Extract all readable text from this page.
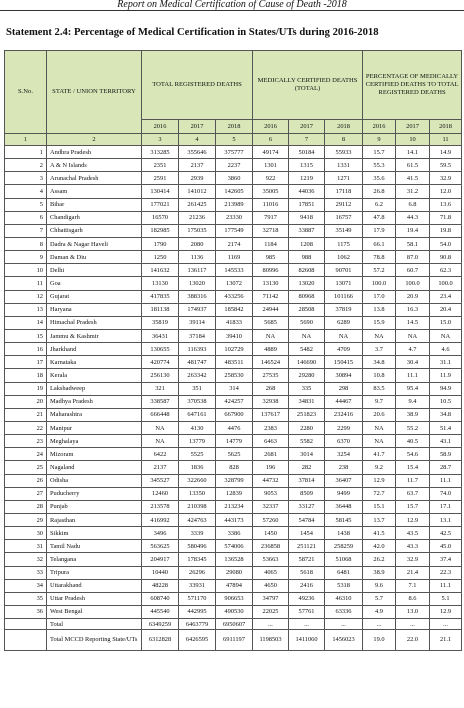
Report on Medical Certification of Cause of Death -2018
Statement 2.4: Percentage of Medical Certification in States/UTs during 2016-2018
S.No.	STATE / UNION TERRITORY	TOTAL REGISTERED DEATHS			MEDICALLY CERTIFIED DEATHS (TOTAL)			PERCENTAGE OF MEDICALLY CERTIFIED DEATHS TO TOTAL REGISTERED DEATHS		
		2016	2017	2018	2016	2017	2018	2016	2017	2018
1	2	3	4	5	6	7	8	9	10	11
1	Andhra Pradesh	313285	355646	375777	49174	50184	55933	15.7	14.1	14.9
2	A & N Islands	2351	2137	2237	1301	1315	1331	55.3	61.5	59.5
3	Arunachal Pradesh	2591	2939	3860	922	1219	1271	35.6	41.5	32.9
4	Assam	130414	141012	142605	35005	44036	17118	26.8	31.2	12.0
5	Bihar	177021	261425	213989	11016	17851	29112	6.2	6.8	13.6
6	Chandigarh	16570	21236	23330	7917	9418	16757	47.8	44.3	71.8
7	Chhattisgarh	182985	175035	177549	32718	33887	35149	17.9	19.4	19.8
8	Dadra & Nagar Haveli	1790	2080	2174	1184	1208	1175	66.1	58.1	54.0
9	Daman & Diu	1250	1136	1169	985	988	1062	78.8	87.0	90.8
10	Delhi	141632	136117	145533	80996	82608	90701	57.2	60.7	62.3
11	Goa	13130	13020	13072	13130	13020	13071	100.0	100.0	100.0
12	Gujarat	417835	388316	433256	71142	80968	101166	17.0	20.9	23.4
13	Haryana	181138	174937	185842	24944	28508	37819	13.8	16.3	20.4
14	Himachal Pradesh	35819	39114	41833	5685	5690	6289	15.9	14.5	15.0
15	Jammu & Kashmir	36431	37184	39410	NA	NA	NA	NA	NA	NA
16	Jharkhand	130655	116393	102729	4889	5482	4709	3.7	4.7	4.6
17	Karnataka	420774	481747	483511	146524	146690	150415	34.8	30.4	31.1
18	Kerala	256130	263342	258530	27535	29280	30894	10.8	11.1	11.9
19	Lakshadweep	321	351	314	268	335	298	83.5	95.4	94.9
20	Madhya Pradesh	338587	370538	424257	32938	34831	44467	9.7	9.4	10.5
21	Maharashtra	666448	647161	667900	137617	251823	232416	20.6	38.9	34.8
22	Manipur	NA	4130	4476	2383	2280	2299	NA	55.2	51.4
23	Meghalaya	NA	13779	14779	6463	5582	6370	NA	40.5	43.1
24	Mizoram	6422	5525	5625	2681	3014	3254	41.7	54.6	58.9
25	Nagaland	2137	1836	828	196	282	238	9.2	15.4	28.7
26	Odisha	345527	322660	328799	44732	37814	36407	12.9	11.7	11.1
27	Puducherry	12460	13350	12839	9053	8509	9499	72.7	63.7	74.0
28	Punjab	213578	210398	213234	32337	33127	36448	15.1	15.7	17.1
29	Rajasthan	416992	424763	443173	57260	54784	58145	13.7	12.9	13.1
30	Sikkim	3496	3339	3386	1450	1454	1438	41.5	43.5	42.5
31	Tamil Nadu	563625	580496	574006	236858	251121	258259	42.0	43.3	45.0
32	Telangana	204917	178345	136528	53663	58721	51068	26.2	32.9	37.4
33	Tripura	10440	26296	29080	4065	5618	6481	38.9	21.4	22.3
34	Uttarakhand	48228	33931	47894	4650	2416	5318	9.6	7.1	11.1
35	Uttar Pradesh	608740	571170	906653	34797	49236	46310	5.7	8.6	5.1
36	West Bengal	445540	442995	490530	22025	57761	63336	4.9	13.0	12.9
	Total	6349259	6463779	6950607	...	...	...	...	...	...
	Total MCCD Reporting State/UTs	6312828	6426595	6911197	1198503	1411060	1456023	19.0	22.0	21.1
